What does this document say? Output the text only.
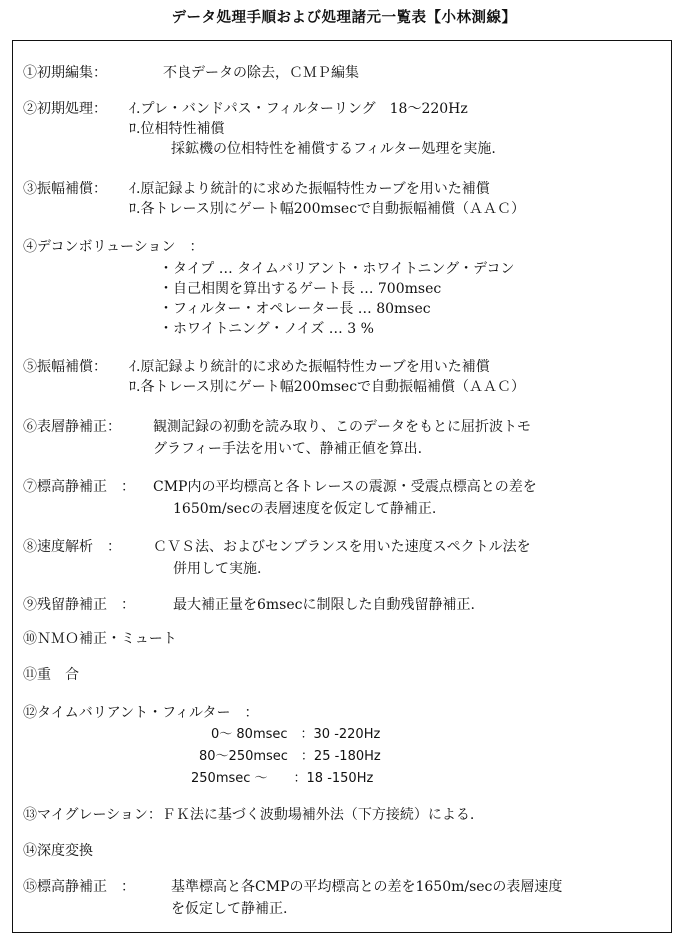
データ処理手順および処理諸元一覧表【小林測線】
①初期編集：	不良データの除去，ＣＭＰ編集
②初期処理： ｲ.プレ・バンドパス・フィルターリング　18～220Hz
ﾛ.位相特性補償
採鉱機の位相特性を補償するフィルター処理を実施.
③振幅補償： ｲ.原記録より統計的に求めた振幅特性カーブを用いた補償
ﾛ.各トレース別にゲート幅200msecで自動振幅補償（ＡＡＣ）
④デコンボリューション　：
・タイプ … タイムバリアント・ホワイトニング・デコン
・自己相関を算出するゲート長 … 700msec
・フィルター・オペレーター長 … 80msec
・ホワイトニング・ノイズ … 3 %
⑤振幅補償： ｲ.原記録より統計的に求めた振幅特性カーブを用いた補償
ﾛ.各トレース別にゲート幅200msecで自動振幅補償（ＡＡＣ）
⑥表層静補正： 観測記録の初動を読み取り、このデータをもとに屈折波トモ
グラフィー手法を用いて、静補正値を算出.
⑦標高静補正　： CMP内の平均標高と各トレースの震源・受震点標高との差を
1650m/secの表層速度を仮定して静補正.
⑧速度解析　： ＣＶＳ法、およびセンブランスを用いた速度スペクトル法を
併用して実施.
⑨残留静補正　：	最大補正量を6msecに制限した自動残留静補正.
⑩ＮＭＯ補正・ミュート
⑪重　合
⑫タイムバリアント・フィルター　：
0～ 80msec　：30 -220Hz
80～250msec　：25 -180Hz
250msec ～　　：18 -150Hz
⑬マイグレーション：ＦＫ法に基づく波動場補外法（下方接続）による.
⑭深度変換
⑮標高静補正　：	基準標高と各CMPの平均標高との差を1650m/secの表層速度
を仮定して静補正.
